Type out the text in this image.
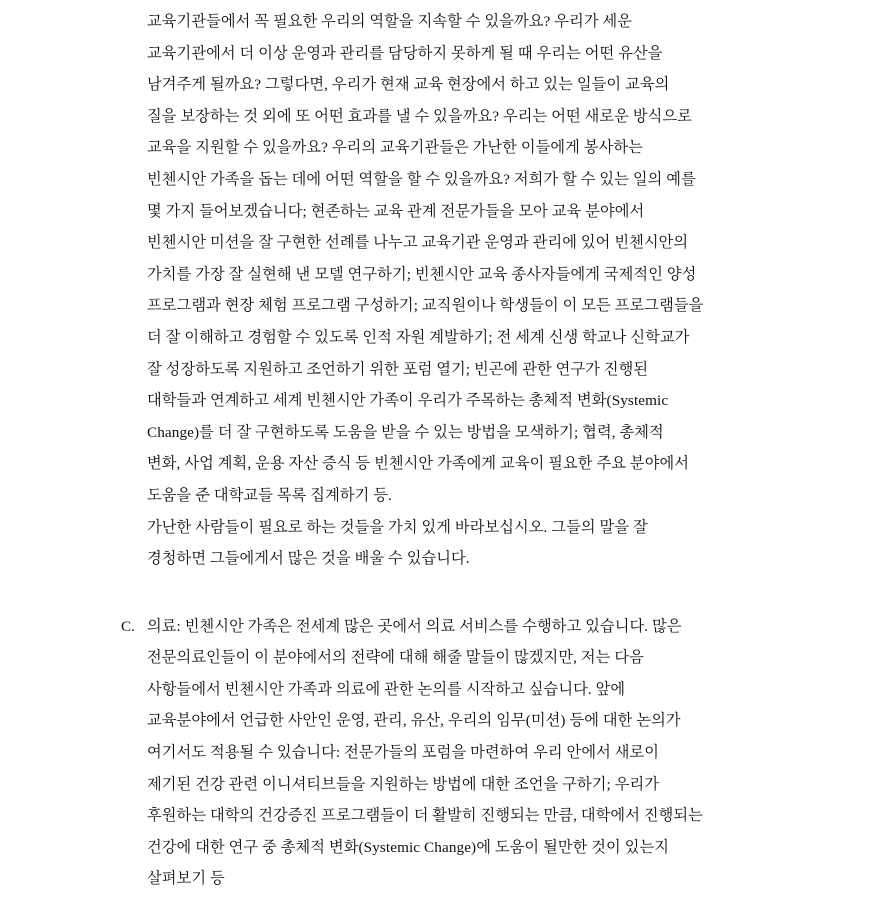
교육기관들에서 꼭 필요한 우리의 역할을 지속할 수 있을까요? 우리가 세운
교육기관에서 더 이상 운영과 관리를 담당하지 못하게 될 때 우리는 어떤 유산을
남겨주게 될까요? 그렇다면, 우리가 현재 교육 현장에서 하고 있는 일들이 교육의
질을 보장하는 것 외에 또 어떤 효과를 낼 수 있을까요? 우리는 어떤 새로운 방식으로
교육을 지원할 수 있을까요? 우리의 교육기관들은 가난한 이들에게 봉사하는
빈첸시안 가족을 돕는 데에 어떤 역할을 할 수 있을까요? 저희가 할 수 있는 일의 예를
몇 가지 들어보겠습니다; 현존하는 교육 관계 전문가들을 모아 교육 분야에서
빈첸시안 미션을 잘 구현한 선례를 나누고 교육기관 운영과 관리에 있어 빈첸시안의
가치를 가장 잘 실현해 낸 모델 연구하기; 빈첸시안 교육 종사자들에게 국제적인 양성
프로그램과 현장 체험 프로그램 구성하기; 교직원이나 학생들이 이 모든 프로그램들을
더 잘 이해하고 경험할 수 있도록 인적 자원 계발하기; 전 세계 신생 학교나 신학교가
잘 성장하도록 지원하고 조언하기 위한 포럼 열기; 빈곤에 관한 연구가 진행된
대학들과 연계하고 세계 빈첸시안 가족이 우리가 주목하는 총체적 변화(Systemic
Change)를 더 잘 구현하도록 도움을 받을 수 있는 방법을 모색하기; 협력, 총체적
변화, 사업 계획, 운용 자산 증식 등 빈첸시안 가족에게 교육이 필요한 주요 분야에서
도움을 준 대학교들 목록 집계하기 등.

가난한 사람들이 필요로 하는 것들을 가치 있게 바라보십시오. 그들의 말을 잘
경청하면 그들에게서 많은 것을 배울 수 있습니다.

C. 의료: 빈첸시안 가족은 전세계 많은 곳에서 의료 서비스를 수행하고 있습니다. 많은
전문의료인들이 이 분야에서의 전략에 대해 해줄 말들이 많겠지만, 저는 다음
사항들에서 빈첸시안 가족과 의료에 관한 논의를 시작하고 싶습니다. 앞에
교육분야에서 언급한 사안인 운영, 관리, 유산, 우리의 임무(미션) 등에 대한 논의가
여기서도 적용될 수 있습니다: 전문가들의 포럼을 마련하여 우리 안에서 새로이
제기된 건강 관련 이니셔티브들을 지원하는 방법에 대한 조언을 구하기; 우리가
후원하는 대학의 건강증진 프로그램들이 더 활발히 진행되는 만큼, 대학에서 진행되는
건강에 대한 연구 중 총체적 변화(Systemic Change)에 도움이 될만한 것이 있는지
살펴보기 등
